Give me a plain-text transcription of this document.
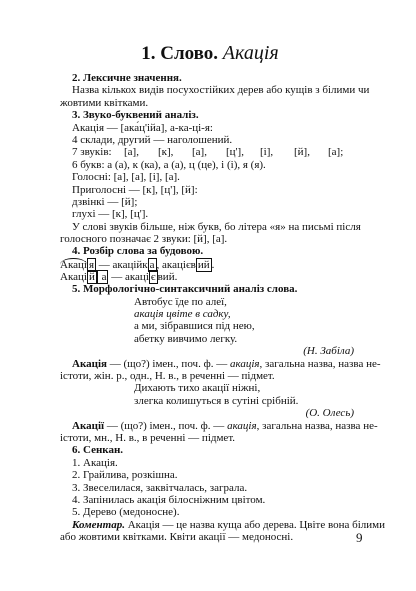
1. Слово. Акація
2. Лексичне значення.
Назва кількох видів посухостійких дерев або кущів з білими чи
жовтими квітками.
3. Звуко-буквений аналіз.
Акація — [ака́ц'ійа], а-ка-ці-я:
4 склади, другий — наголошений.
7 звуків: [а], [к], [а], [ц'], [і], [й], [а];
6 букв: а (а), к (ка), а (а), ц (це), і (і), я (я).
Голосні: [а], [а], [і], [а].
Приголосні — [к], [ц'], [й]:
дзвінкі — [й];
глухі — [к], [ц'].
У слові звуків більше, ніж букв, бо літера «я» на письмі після
голосного позначає 2 звуки: [й], [а].
4. Розбір слова за будовою.
Акаці я — акаційк а , акацієв ий .
Акаці й а — акаці є вий.
5. Морфологічно-синтаксичний аналіз слова.
Автобус їде по алеї,
акація цвіте в садку,
а ми, зібравшися під нею,
абетку вивчимо легку.
(Н. Забіла)
Акація — (що?) імен., поч. ф. — акація, загальна назва, назва не-
істоти, жін. р., одн., Н. в., в реченні — підмет.
Дихають тихо акації ніжні,
злегка колишуться в сутіні срібній.
(О. Олесь)
Акації — (що?) імен., поч. ф. — акація, загальна назва, назва не-
істоти, мн., Н. в., в реченні — підмет.
6. Сенкан.
1. Акація.
2. Грайлива, розкішна.
3. Звеселилася, заквітчалась, заграла.
4. Запінилась акація білосніжним цвітом.
5. Дерево (медоносне).
Коментар. Акація — це назва куща або дерева. Цвіте вона білими
або жовтими квітками. Квіти акації — медоносні.	9
